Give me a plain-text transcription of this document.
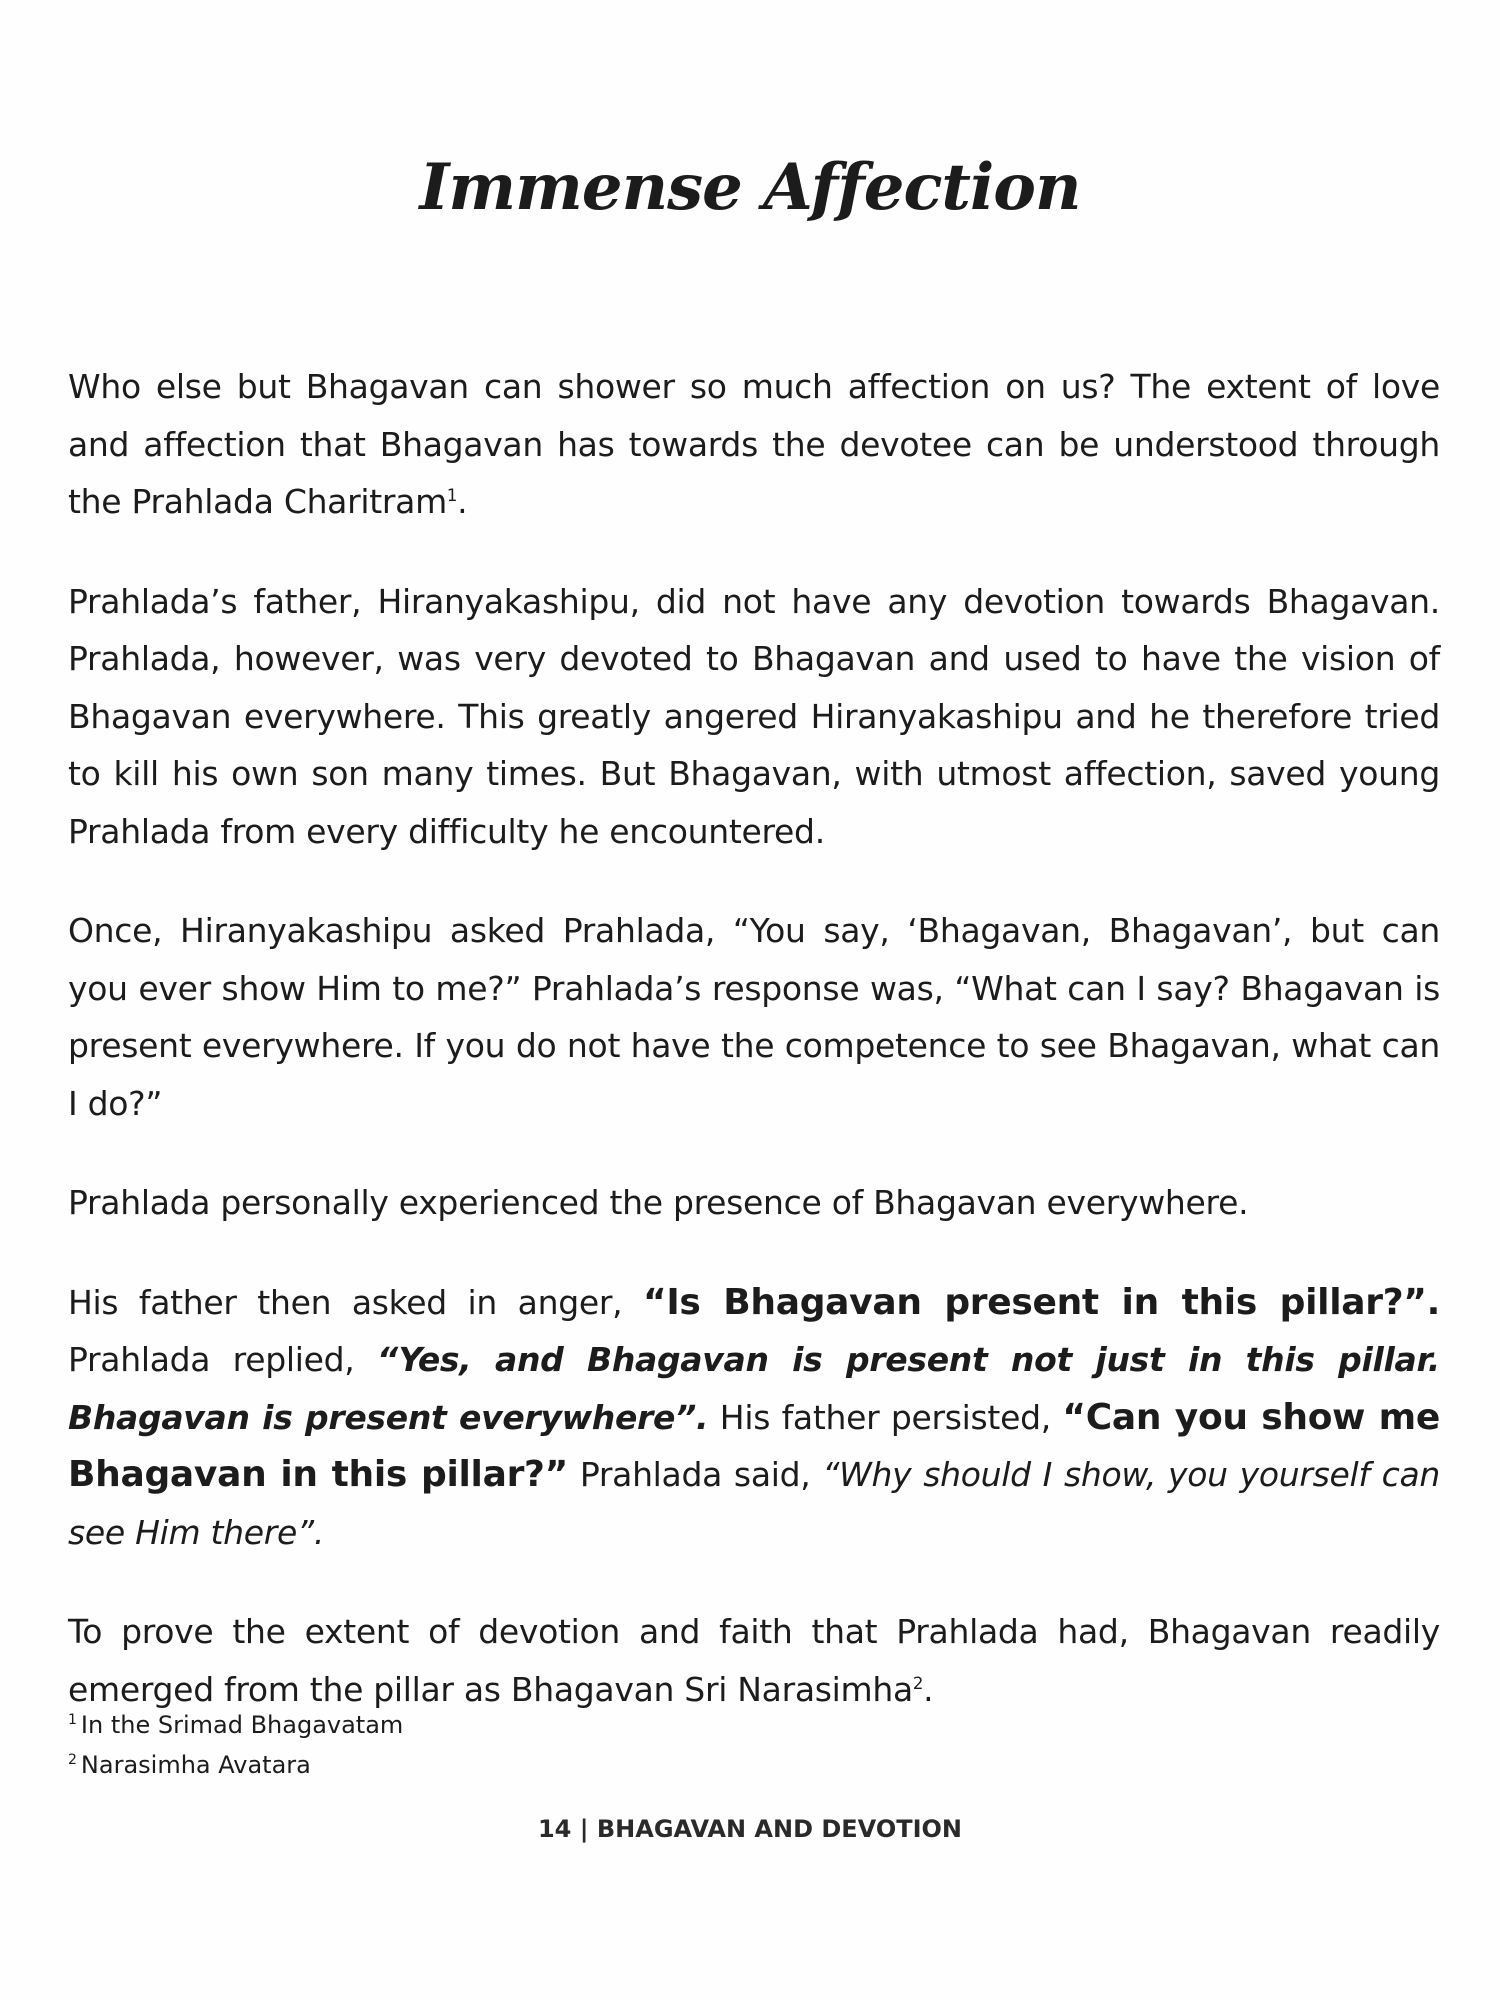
Immense Affection

Who else but Bhagavan can shower so much affection on us? The extent of love and affection that Bhagavan has towards the devotee can be understood through the Prahlada Charitram$^1$.

Prahlada’s father, Hiranyakashipu, did not have any devotion towards Bhagavan. Prahlada, however, was very devoted to Bhagavan and used to have the vision of Bhagavan everywhere. This greatly angered Hiranyakashipu and he therefore tried to kill his own son many times. But Bhagavan, with utmost affection, saved young Prahlada from every difficulty he encountered.

Once, Hiranyakashipu asked Prahlada, “You say, ‘Bhagavan, Bhagavan’, but can you ever show Him to me?” Prahlada’s response was, “What can I say? Bhagavan is present everywhere. If you do not have the competence to see Bhagavan, what can I do?”

Prahlada personally experienced the presence of Bhagavan everywhere.

His father then asked in anger, “Is Bhagavan present in this pillar?”. Prahlada replied, “Yes, and Bhagavan is present not just in this pillar. Bhagavan is present everywhere”. His father persisted, “Can you show me Bhagavan in this pillar?” Prahlada said, “Why should I show, you yourself can see Him there”.

To prove the extent of devotion and faith that Prahlada had, Bhagavan readily emerged from the pillar as Bhagavan Sri Narasimha$^2$.

$^1$ In the Srimad Bhagavatam
$^2$ Narasimha Avatara
14 | BHAGAVAN AND DEVOTION
